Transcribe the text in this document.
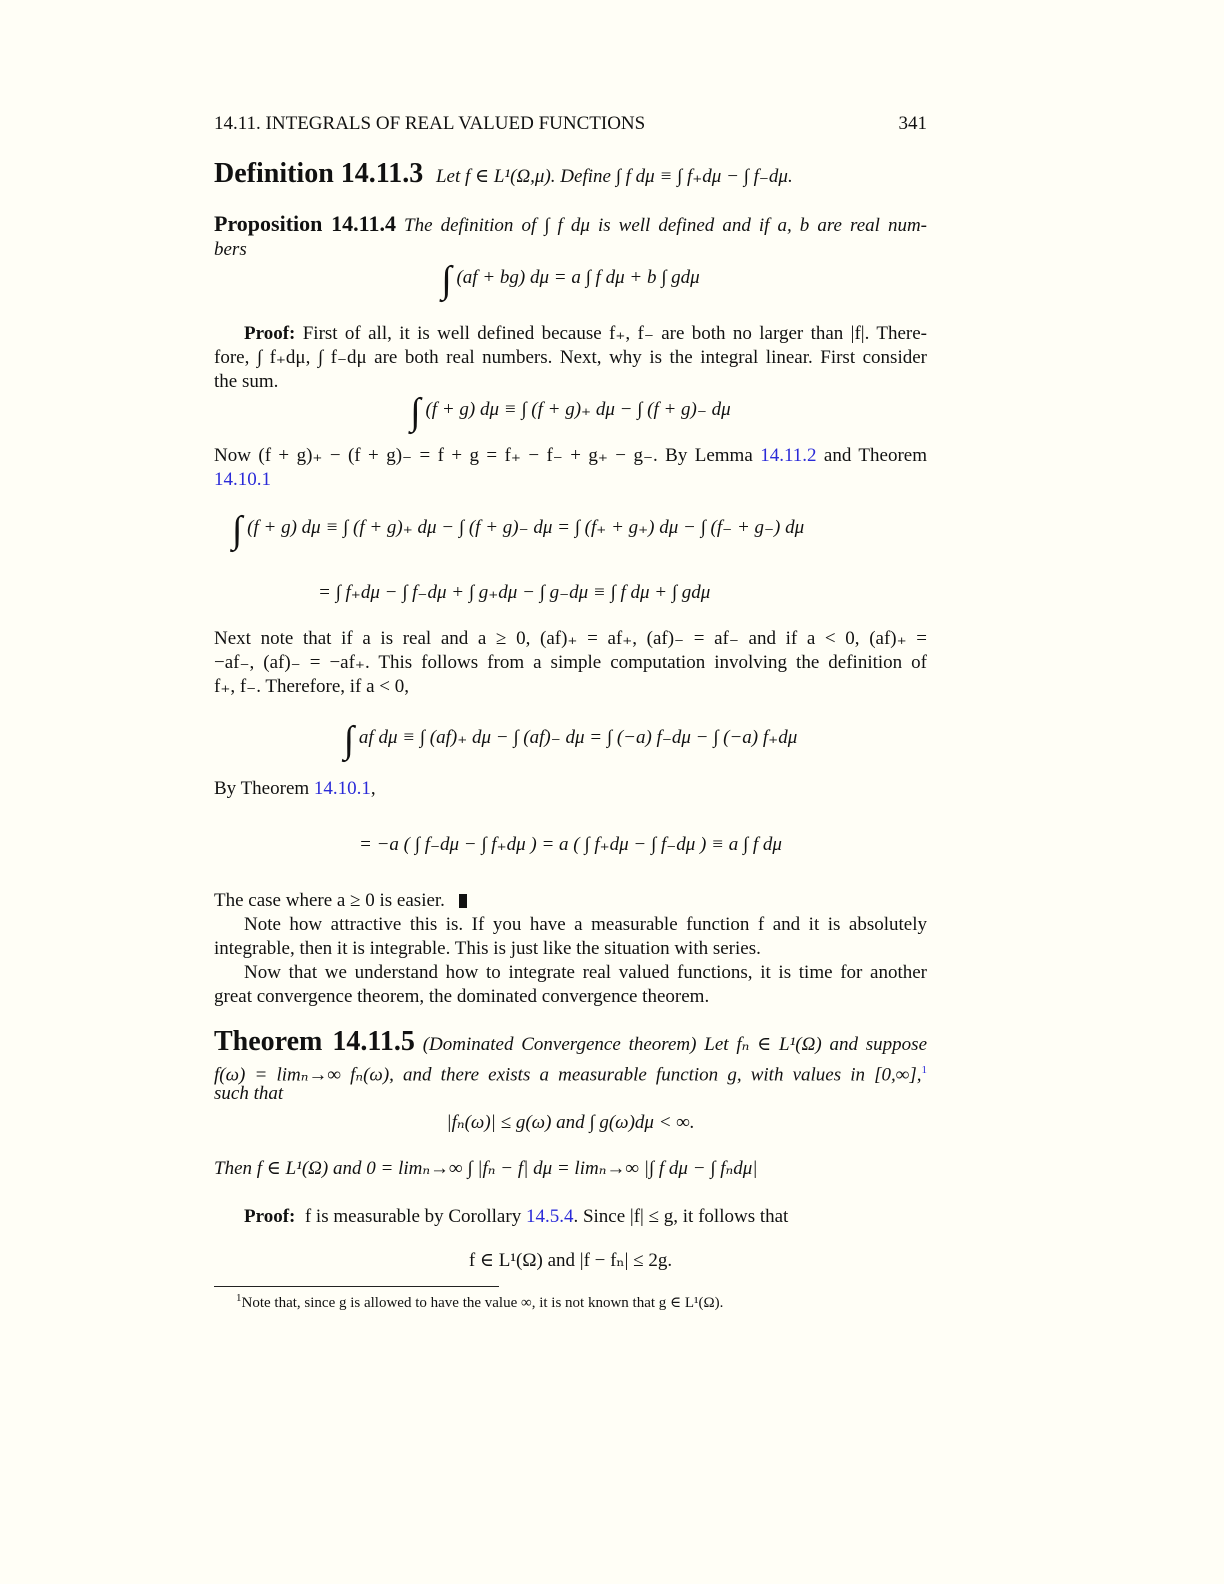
14.11. INTEGRALS OF REAL VALUED FUNCTIONS	341
Definition 14.11.3 Let f ∈ L¹(Ω,μ). Define ∫ f dμ ≡ ∫ f₊dμ − ∫ f₋dμ.
Proposition 14.11.4 The definition of ∫ f dμ is well defined and if a, b are real num-
bers
∫ (af + bg) dμ = a ∫ f dμ + b ∫ gdμ
Proof: First of all, it is well defined because f₊, f₋ are both no larger than |f|. There-
fore, ∫ f₊dμ, ∫ f₋dμ are both real numbers. Next, why is the integral linear. First consider
the sum.
∫ (f + g) dμ ≡ ∫ (f + g)₊ dμ − ∫ (f + g)₋ dμ
Now (f + g)₊ − (f + g)₋ = f + g = f₊ − f₋ + g₊ − g₋. By Lemma 14.11.2 and Theorem
14.10.1
∫ (f + g) dμ ≡ ∫ (f + g)₊ dμ − ∫ (f + g)₋ dμ = ∫ (f₊ + g₊) dμ − ∫ (f₋ + g₋) dμ
= ∫ f₊dμ − ∫ f₋dμ + ∫ g₊dμ − ∫ g₋dμ ≡ ∫ f dμ + ∫ gdμ
Next note that if a is real and a ≥ 0, (af)₊ = af₊, (af)₋ = af₋ and if a < 0, (af)₊ =
−af₋, (af)₋ = −af₊. This follows from a simple computation involving the definition of
f₊, f₋. Therefore, if a < 0,
∫ af dμ ≡ ∫ (af)₊ dμ − ∫ (af)₋ dμ = ∫ (−a) f₋dμ − ∫ (−a) f₊dμ
By Theorem 14.10.1,
= −a ( ∫ f₋dμ − ∫ f₊dμ ) = a ( ∫ f₊dμ − ∫ f₋dμ ) ≡ a ∫ f dμ
The case where a ≥ 0 is easier.
Note how attractive this is. If you have a measurable function f and it is absolutely
integrable, then it is integrable. This is just like the situation with series.
Now that we understand how to integrate real valued functions, it is time for another
great convergence theorem, the dominated convergence theorem.
Theorem 14.11.5 (Dominated Convergence theorem) Let fₙ ∈ L¹(Ω) and suppose
f(ω) = limₙ→∞ fₙ(ω), and there exists a measurable function g, with values in [0,∞],$^1$
such that
|fₙ(ω)| ≤ g(ω) and ∫ g(ω)dμ < ∞.
Then f ∈ L¹(Ω) and 0 = limₙ→∞ ∫ |fₙ − f| dμ = limₙ→∞ |∫ f dμ − ∫ fₙdμ|
Proof: f is measurable by Corollary 14.5.4. Since |f| ≤ g, it follows that
f ∈ L¹(Ω) and |f − fₙ| ≤ 2g.
$^1$Note that, since g is allowed to have the value ∞, it is not known that g ∈ L¹(Ω).
